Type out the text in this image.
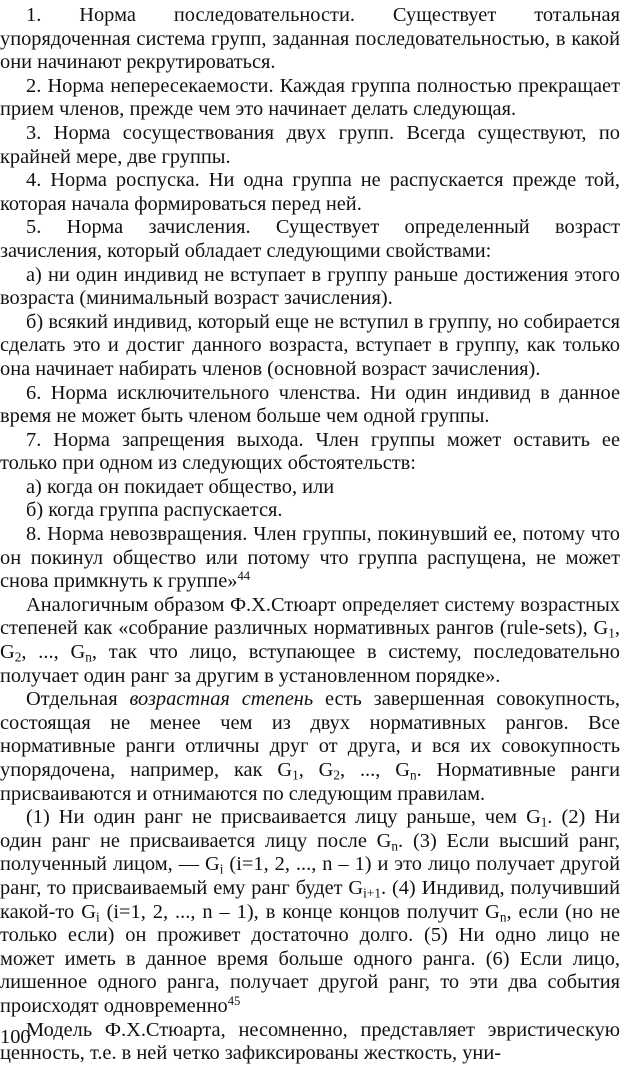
1. Норма последовательности. Существует тотальная упорядоченная система групп, заданная последовательностью, в какой они начинают рекрутироваться.

2. Норма непересекаемости. Каждая группа полностью прекращает прием членов, прежде чем это начинает делать следующая.

3. Норма сосуществования двух групп. Всегда существуют, по крайней мере, две группы.

4. Норма роспуска. Ни одна группа не распускается прежде той, которая начала формироваться перед ней.

5. Норма зачисления. Существует определенный возраст зачисления, который обладает следующими свойствами:

а) ни один индивид не вступает в группу раньше достижения этого возраста (минимальный возраст зачисления).

б) всякий индивид, который еще не вступил в группу, но собирается сделать это и достиг данного возраста, вступает в группу, как только она начинает набирать членов (основной возраст зачисления).

6. Норма исключительного членства. Ни один индивид в данное время не может быть членом больше чем одной группы.

7. Норма запрещения выхода. Член группы может оставить ее только при одном из следующих обстоятельств:

а) когда он покидает общество, или

б) когда группа распускается.

8. Норма невозвращения. Член группы, покинувший ее, потому что он покинул общество или потому что группа распущена, не может снова примкнуть к группе»$^{44}$

Аналогичным образом Ф.Х.Стюарт определяет систему возрастных степеней как «собрание различных нормативных рангов (rule-sets), $G_1$, $G_2$, ..., $G_n$, так что лицо, вступающее в систему, последовательно получает один ранг за другим в установленном порядке».

Отдельная возрастная степень есть завершенная совокупность, состоящая не менее чем из двух нормативных рангов. Все нормативные ранги отличны друг от друга, и вся их совокупность упорядочена, например, как $G_1$, $G_2$, ..., $G_n$. Нормативные ранги присваиваются и отнимаются по следующим правилам.

(1) Ни один ранг не присваивается лицу раньше, чем $G_1$. (2) Ни один ранг не присваивается лицу после $G_n$. (3) Если высший ранг, полученный лицом, — $G_i$ (i=1, 2, ..., n – 1) и это лицо получает другой ранг, то присваиваемый ему ранг будет $G_{i+1}$. (4) Индивид, получивший какой-то $G_i$ (i=1, 2, ..., n – 1), в конце концов получит $G_n$, если (но не только если) он проживет достаточно долго. (5) Ни одно лицо не может иметь в данное время больше одного ранга. (6) Если лицо, лишенное одного ранга, получает другой ранг, то эти два события происходят одновременно$^{45}$

Модель Ф.Х.Стюарта, несомненно, представляет эвристическую ценность, т.е. в ней четко зафиксированы жесткость, уни-

100
